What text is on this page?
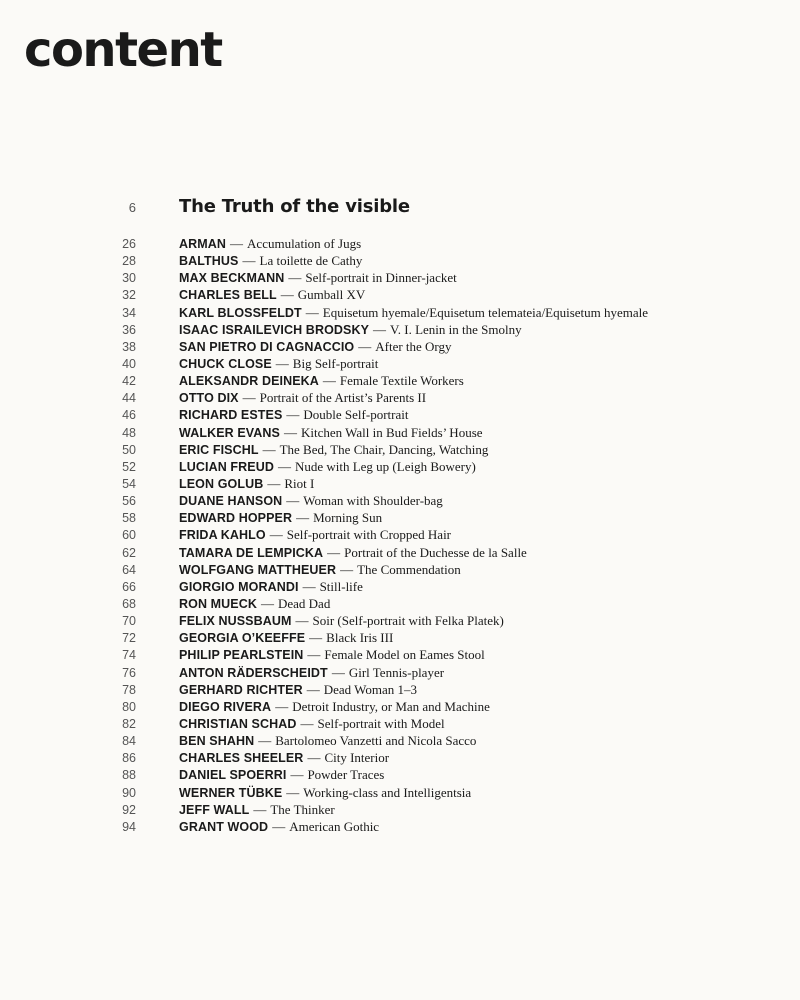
content
6 The Truth of the visible
26	ARMAN — Accumulation of Jugs
28	BALTHUS — La toilette de Cathy
30	MAX BECKMANN — Self-portrait in Dinner-jacket
32	CHARLES BELL — Gumball XV
34	KARL BLOSSFELDT — Equisetum hyemale/Equisetum telemateia/Equisetum hyemale
36	ISAAC ISRAILEVICH BRODSKY — V. I. Lenin in the Smolny
38	SAN PIETRO DI CAGNACCIO — After the Orgy
40	CHUCK CLOSE — Big Self-portrait
42	ALEKSANDR DEINEKA — Female Textile Workers
44	OTTO DIX — Portrait of the Artist’s Parents II
46	RICHARD ESTES — Double Self-portrait
48	WALKER EVANS — Kitchen Wall in Bud Fields’ House
50	ERIC FISCHL — The Bed, The Chair, Dancing, Watching
52	LUCIAN FREUD — Nude with Leg up (Leigh Bowery)
54	LEON GOLUB — Riot I
56	DUANE HANSON — Woman with Shoulder-bag
58	EDWARD HOPPER — Morning Sun
60	FRIDA KAHLO — Self-portrait with Cropped Hair
62	TAMARA DE LEMPICKA — Portrait of the Duchesse de la Salle
64	WOLFGANG MATTHEUER — The Commendation
66	GIORGIO MORANDI — Still-life
68	RON MUECK — Dead Dad
70	FELIX NUSSBAUM — Soir (Self-portrait with Felka Platek)
72	GEORGIA O’KEEFFE — Black Iris III
74	PHILIP PEARLSTEIN — Female Model on Eames Stool
76	ANTON RÄDERSCHEIDT — Girl Tennis-player
78	GERHARD RICHTER — Dead Woman 1–3
80	DIEGO RIVERA — Detroit Industry, or Man and Machine
82	CHRISTIAN SCHAD — Self-portrait with Model
84	BEN SHAHN — Bartolomeo Vanzetti and Nicola Sacco
86	CHARLES SHEELER — City Interior
88	DANIEL SPOERRI — Powder Traces
90	WERNER TÜBKE — Working-class and Intelligentsia
92	JEFF WALL — The Thinker
94	GRANT WOOD — American Gothic
